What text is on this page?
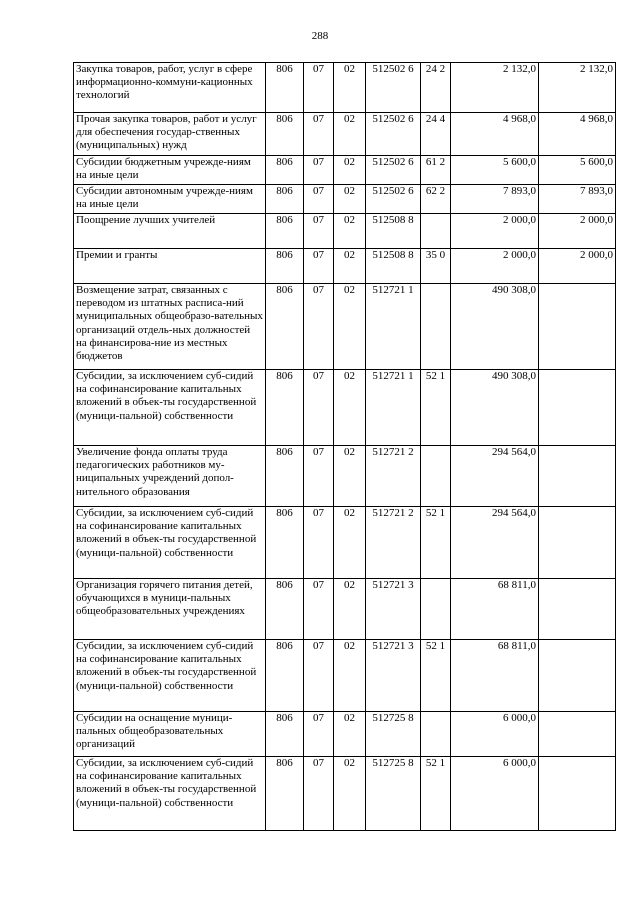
288
Закупка товаров, работ, услуг в сфере информационно-коммуни-кационных технологий	806	07	02	512502 6	24 2	2 132,0	2 132,0
Прочая закупка товаров, работ и услуг для обеспечения государ-ственных (муниципальных) нужд	806	07	02	512502 6	24 4	4 968,0	4 968,0
Субсидии бюджетным учрежде-ниям на иные цели	806	07	02	512502 6	61 2	5 600,0	5 600,0
Субсидии автономным учрежде-ниям на иные цели	806	07	02	512502 6	62 2	7 893,0	7 893,0
Поощрение лучших учителей	806	07	02	512508 8		2 000,0	2 000,0
Премии и гранты	806	07	02	512508 8	35 0	2 000,0	2 000,0
Возмещение затрат, связанных с переводом из штатных расписа-ний муниципальных общеобразо-вательных организаций отдель-ных должностей на финансирова-ние из местных бюджетов	806	07	02	512721 1		490 308,0	
Субсидии, за исключением суб-сидий на софинансирование капитальных вложений в объек-ты государственной (муници-пальной) собственности	806	07	02	512721 1	52 1	490 308,0	
Увеличение фонда оплаты труда педагогических работников му-ниципальных учреждений допол-нительного образования	806	07	02	512721 2		294 564,0	
Субсидии, за исключением суб-сидий на софинансирование капитальных вложений в объек-ты государственной (муници-пальной) собственности	806	07	02	512721 2	52 1	294 564,0	
Организация горячего питания детей, обучающихся в муници-пальных общеобразовательных учреждениях	806	07	02	512721 3		68 811,0	
Субсидии, за исключением суб-сидий на софинансирование капитальных вложений в объек-ты государственной (муници-пальной) собственности	806	07	02	512721 3	52 1	68 811,0	
Субсидии на оснащение муници-пальных общеобразовательных организаций	806	07	02	512725 8		6 000,0	
Субсидии, за исключением суб-сидий на софинансирование капитальных вложений в объек-ты государственной (муници-пальной) собственности	806	07	02	512725 8	52 1	6 000,0	
